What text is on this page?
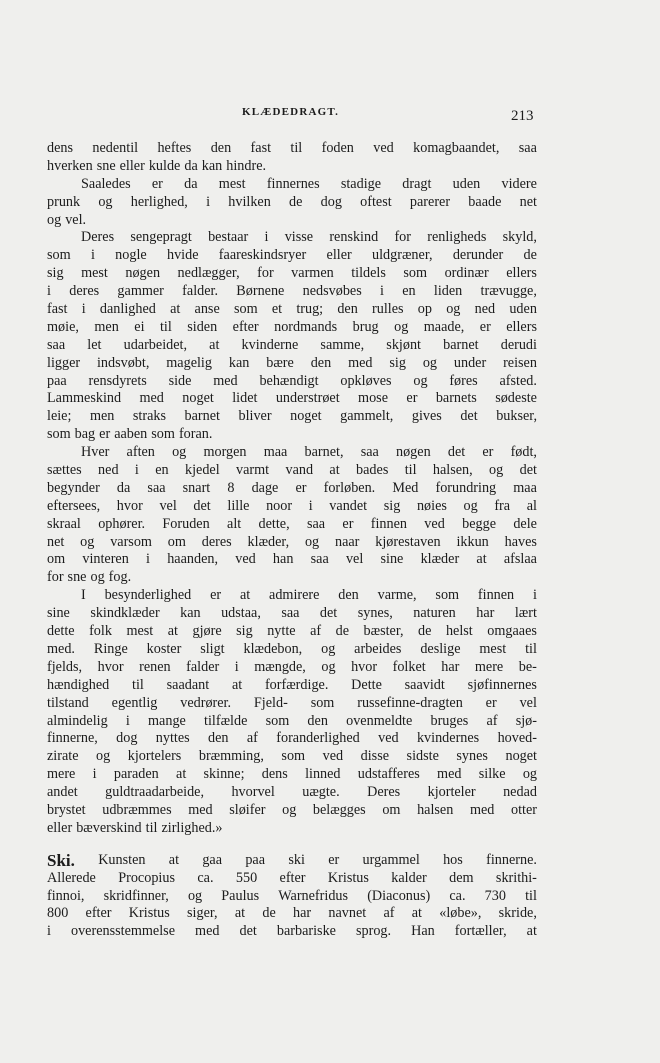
KLÆDEDRAGT.	213
dens nedentil heftes den fast til foden ved komagbaandet, saa
hverken sne eller kulde da kan hindre.
Saaledes er da mest finnernes stadige dragt uden videre
prunk og herlighed, i hvilken de dog oftest parerer baade net
og vel.
Deres sengepragt bestaar i visse renskind for renligheds skyld,
som i nogle hvide faareskindsryer eller uldgræner, derunder de
sig mest nøgen nedlægger, for varmen tildels som ordinær ellers
i deres gammer falder. Børnene nedsvøbes i en liden trævugge,
fast i danlighed at anse som et trug; den rulles op og ned uden
møie, men ei til siden efter nordmands brug og maade, er ellers
saa let udarbeidet, at kvinderne samme, skjønt barnet derudi
ligger indsvøbt, magelig kan bære den med sig og under reisen
paa rensdyrets side med behændigt opkløves og føres afsted.
Lammeskind med noget lidet understrøet mose er barnets sødeste
leie; men straks barnet bliver noget gammelt, gives det bukser,
som bag er aaben som foran.
Hver aften og morgen maa barnet, saa nøgen det er født,
sættes ned i en kjedel varmt vand at bades til halsen, og det
begynder da saa snart 8 dage er forløben. Med forundring maa
eftersees, hvor vel det lille noor i vandet sig nøies og fra al
skraal ophører. Foruden alt dette, saa er finnen ved begge dele
net og varsom om deres klæder, og naar kjørestaven ikkun haves
om vinteren i haanden, ved han saa vel sine klæder at afslaa
for sne og fog.
I besynderlighed er at admirere den varme, som finnen i
sine skindklæder kan udstaa, saa det synes, naturen har lært
dette folk mest at gjøre sig nytte af de bæster, de helst omgaaes
med. Ringe koster sligt klædebon, og arbeides deslige mest til
fjelds, hvor renen falder i mængde, og hvor folket har mere be-
hændighed til saadant at forfærdige. Dette saavidt sjøfinnernes
tilstand egentlig vedrører. Fjeld- som russefinne-dragten er vel
almindelig i mange tilfælde som den ovenmeldte bruges af sjø-
finnerne, dog nyttes den af foranderlighed ved kvindernes hoved-
zirate og kjortelers bræmming, som ved disse sidste synes noget
mere i paraden at skinne; dens linned udstafferes med silke og
andet guldtraadarbeide, hvorvel uægte. Deres kjorteler nedad
brystet udbræmmes med sløifer og belægges om halsen med otter
eller bæverskind til zirlighed.»
Ski. Kunsten at gaa paa ski er urgammel hos finnerne.
Allerede Procopius ca. 550 efter Kristus kalder dem skrithi-
finnoi, skridfinner, og Paulus Warnefridus (Diaconus) ca. 730 til
800 efter Kristus siger, at de har navnet af at «løbe», skride,
i overensstemmelse med det barbariske sprog. Han fortæller, at
